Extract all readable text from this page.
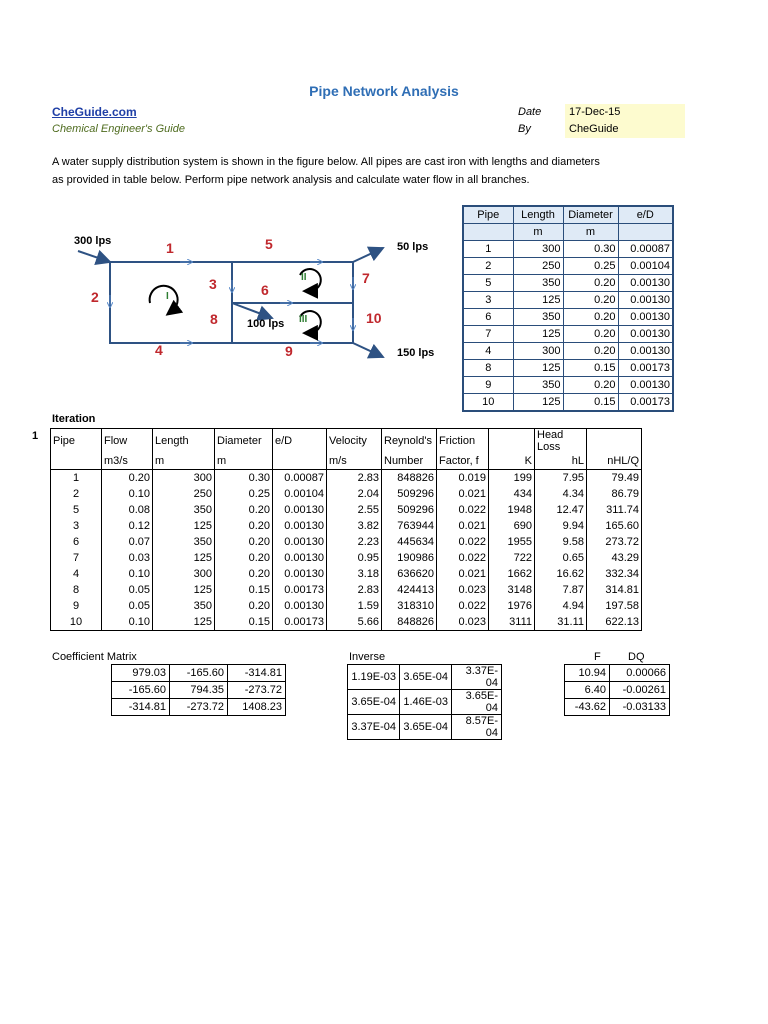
Pipe Network Analysis
CheGuide.com
Chemical Engineer's Guide
Date	17-Dec-15
By	CheGuide
A water supply distribution system is shown in the figure below. All pipes are cast iron with lengths and diameters as provided in table below. Perform pipe network analysis and calculate water flow in all branches.
300 lps	50 lps
100 lps
150 lps
1
2
3
4
5
6
7
8
9
10
I
II
III
Pipe	Length	Diameter	e/D
	m	m	
1	300	0.30	0.00087
2	250	0.25	0.00104
5	350	0.20	0.00130
3	125	0.20	0.00130
6	350	0.20	0.00130
7	125	0.20	0.00130
4	300	0.20	0.00130
8	125	0.15	0.00173
9	350	0.20	0.00130
10	125	0.15	0.00173
Iteration
1 Pipe	Flow	Length	Diameter	e/D	Velocity	Reynold's	Friction		Head Loss	
	m3/s	m	m		m/s	Number	Factor, f	K	hL	nHL/Q
1	0.20	300	0.30	0.00087	2.83	848826	0.019	199	7.95	79.49
2	0.10	250	0.25	0.00104	2.04	509296	0.021	434	4.34	86.79
5	0.08	350	0.20	0.00130	2.55	509296	0.022	1948	12.47	311.74
3	0.12	125	0.20	0.00130	3.82	763944	0.021	690	9.94	165.60
6	0.07	350	0.20	0.00130	2.23	445634	0.022	1955	9.58	273.72
7	0.03	125	0.20	0.00130	0.95	190986	0.022	722	0.65	43.29
4	0.10	300	0.20	0.00130	3.18	636620	0.021	1662	16.62	332.34
8	0.05	125	0.15	0.00173	2.83	424413	0.023	3148	7.87	314.81
9	0.05	350	0.20	0.00130	1.59	318310	0.022	1976	4.94	197.58
10	0.10	125	0.15	0.00173	5.66	848826	0.023	3111	31.11	622.13
Coefficient Matrix	Inverse	F DQ
979.03	-165.60	-314.81
-165.60	794.35	-273.72
-314.81	-273.72	1408.23
1.19E-03	3.65E-04	3.37E-04
3.65E-04	1.46E-03	3.65E-04
3.37E-04	3.65E-04	8.57E-04
10.94	0.00066
6.40	-0.00261
-43.62	-0.03133
